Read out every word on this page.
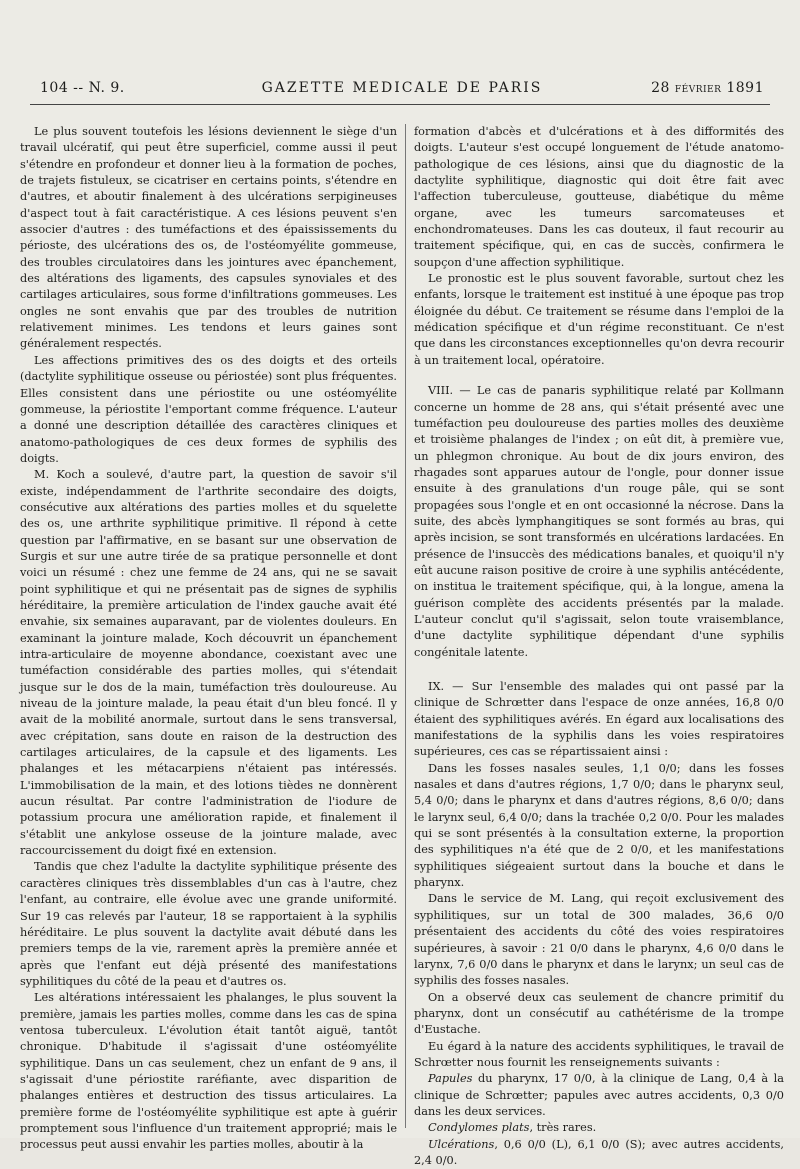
104 -- N. 9.	GAZETTE MEDICALE DE PARIS	28 FÉVRIER 1891

Le plus souvent toutefois les lésions deviennent le siège d'un travail ulcératif, qui peut être superficiel, comme aussi il peut s'étendre en profondeur et donner lieu à la formation de poches, de trajets fistuleux, se cicatriser en certains points, s'étendre en d'autres, et aboutir finalement à des ulcérations serpigineuses d'aspect tout à fait caractéristique. A ces lésions peuvent s'en associer d'autres : des tuméfactions et des épaississements du périoste, des ulcérations des os, de l'ostéomyélite gommeuse, des troubles circulatoires dans les jointures avec épanchement, des altérations des ligaments, des capsules synoviales et des cartilages articulaires, sous forme d'infiltrations gommeuses. Les ongles ne sont envahis que par des troubles de nutrition relativement minimes. Les tendons et leurs gaines sont généralement respectés.

Les affections primitives des os des doigts et des orteils (dactylite syphilitique osseuse ou périostée) sont plus fréquentes. Elles consistent dans une périostite ou une ostéomyélite gommeuse, la périostite l'emportant comme fréquence. L'auteur a donné une description détaillée des caractères cliniques et anatomo-pathologiques de ces deux formes de syphilis des doigts.

M. Koch a soulevé, d'autre part, la question de savoir s'il existe, indépendamment de l'arthrite secondaire des doigts, consécutive aux altérations des parties molles et du squelette des os, une arthrite syphilitique primitive. Il répond à cette question par l'affirmative, en se basant sur une observation de Surgis et sur une autre tirée de sa pratique personnelle et dont voici un résumé : chez une femme de 24 ans, qui ne se savait point syphilitique et qui ne présentait pas de signes de syphilis héréditaire, la première articulation de l'index gauche avait été envahie, six semaines auparavant, par de violentes douleurs. En examinant la jointure malade, Koch découvrit un épanchement intra-articulaire de moyenne abondance, coexistant avec une tuméfaction considérable des parties molles, qui s'étendait jusque sur le dos de la main, tuméfaction très douloureuse. Au niveau de la jointure malade, la peau était d'un bleu foncé. Il y avait de la mobilité anormale, surtout dans le sens transversal, avec crépitation, sans doute en raison de la destruction des cartilages articulaires, de la capsule et des ligaments. Les phalanges et les métacarpiens n'étaient pas intéressés. L'immobilisation de la main, et des lotions tièdes ne donnèrent aucun résultat. Par contre l'administration de l'iodure de potassium procura une amélioration rapide, et finalement il s'établit une ankylose osseuse de la jointure malade, avec raccourcissement du doigt fixé en extension.

Tandis que chez l'adulte la dactylite syphilitique présente des caractères cliniques très dissemblables d'un cas à l'autre, chez l'enfant, au contraire, elle évolue avec une grande uniformité. Sur 19 cas relevés par l'auteur, 18 se rapportaient à la syphilis héréditaire. Le plus souvent la dactylite avait débuté dans les premiers temps de la vie, rarement après la première année et après que l'enfant eut déjà présenté des manifestations syphilitiques du côté de la peau et d'autres os.

Les altérations intéressaient les phalanges, le plus souvent la première, jamais les parties molles, comme dans les cas de spina ventosa tuberculeux. L'évolution était tantôt aiguë, tantôt chronique. D'habitude il s'agissait d'une ostéomyélite syphilitique. Dans un cas seulement, chez un enfant de 9 ans, il s'agissait d'une périostite raréfiante, avec disparition de phalanges entières et destruction des tissus articulaires. La première forme de l'ostéomyélite syphilitique est apte à guérir promptement sous l'influence d'un traitement approprié; mais le processus peut aussi envahir les parties molles, aboutir à la

formation d'abcès et d'ulcérations et à des difformités des doigts. L'auteur s'est occupé longuement de l'étude anatomo-pathologique de ces lésions, ainsi que du diagnostic de la dactylite syphilitique, diagnostic qui doit être fait avec l'affection tuberculeuse, goutteuse, diabétique du même organe, avec les tumeurs sarcomateuses et enchondromateuses. Dans les cas douteux, il faut recourir au traitement spécifique, qui, en cas de succès, confirmera le soupçon d'une affection syphilitique.

Le pronostic est le plus souvent favorable, surtout chez les enfants, lorsque le traitement est institué à une époque pas trop éloignée du début. Ce traitement se résume dans l'emploi de la médication spécifique et d'un régime reconstituant. Ce n'est que dans les circonstances exceptionnelles qu'on devra recourir à un traitement local, opératoire.

VIII. — Le cas de panaris syphilitique relaté par Kollmann concerne un homme de 28 ans, qui s'était présenté avec une tuméfaction peu douloureuse des parties molles des deuxième et troisième phalanges de l'index ; on eût dit, à première vue, un phlegmon chronique. Au bout de dix jours environ, des rhagades sont apparues autour de l'ongle, pour donner issue ensuite à des granulations d'un rouge pâle, qui se sont propagées sous l'ongle et en ont occasionné la nécrose. Dans la suite, des abcès lymphangitiques se sont formés au bras, qui après incision, se sont transformés en ulcérations lardacées. En présence de l'insuccès des médications banales, et quoiqu'il n'y eût aucune raison positive de croire à une syphilis antécédente, on institua le traitement spécifique, qui, à la longue, amena la guérison complète des accidents présentés par la malade. L'auteur conclut qu'il s'agissait, selon toute vraisemblance, d'une dactylite syphilitique dépendant d'une syphilis congénitale latente.

IX. — Sur l'ensemble des malades qui ont passé par la clinique de Schrœtter dans l'espace de onze années, 16,8 0/0 étaient des syphilitiques avérés. En égard aux localisations des manifestations de la syphilis dans les voies respiratoires supérieures, ces cas se répartissaient ainsi :

Dans les fosses nasales seules, 1,1 0/0; dans les fosses nasales et dans d'autres régions, 1,7 0/0; dans le pharynx seul, 5,4 0/0; dans le pharynx et dans d'autres régions, 8,6 0/0; dans le larynx seul, 6,4 0/0; dans la trachée 0,2 0/0. Pour les malades qui se sont présentés à la consultation externe, la proportion des syphilitiques n'a été que de 2 0/0, et les manifestations syphilitiques siégeaient surtout dans la bouche et dans le pharynx.

Dans le service de M. Lang, qui reçoit exclusivement des syphilitiques, sur un total de 300 malades, 36,6 0/0 présentaient des accidents du côté des voies respiratoires supérieures, à savoir : 21 0/0 dans le pharynx, 4,6 0/0 dans le larynx, 7,6 0/0 dans le pharynx et dans le larynx; un seul cas de syphilis des fosses nasales.

On a observé deux cas seulement de chancre primitif du pharynx, dont un consécutif au cathétérisme de la trompe d'Eustache.

Eu égard à la nature des accidents syphilitiques, le travail de Schrœtter nous fournit les renseignements suivants :

Papules du pharynx, 17 0/0, à la clinique de Lang, 0,4 à la clinique de Schrœtter; papules avec autres accidents, 0,3 0/0 dans les deux services.

Condylomes plats, très rares.

Ulcérations, 0,6 0/0 (L), 6,1 0/0 (S); avec autres accidents, 2,4 0/0.
